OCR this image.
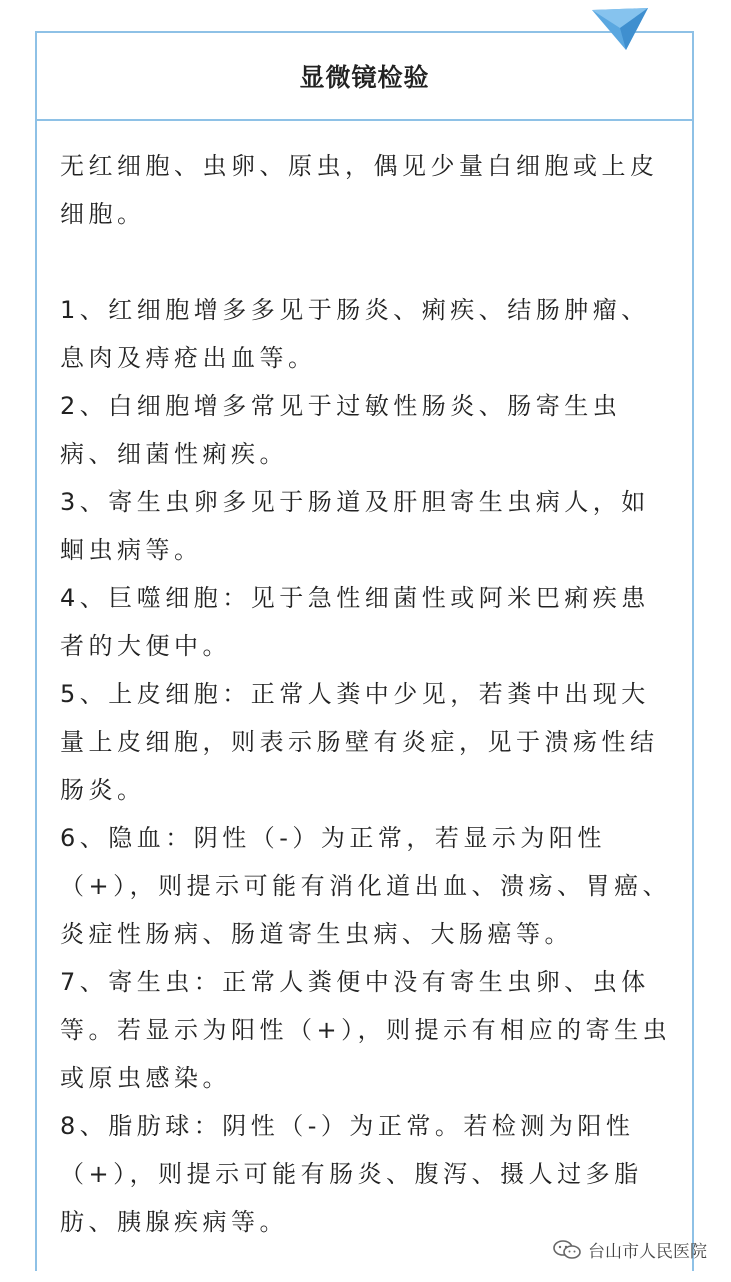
显微镜检验

无红细胞、虫卵、原虫，偶见少量白细胞或上皮细胞。

1、红细胞增多多见于肠炎、痢疾、结肠肿瘤、息肉及痔疮出血等。

2、白细胞增多常见于过敏性肠炎、肠寄生虫病、细菌性痢疾。

3、寄生虫卵多见于肠道及肝胆寄生虫病人，如蛔虫病等。

4、巨噬细胞：见于急性细菌性或阿米巴痢疾患者的大便中。

5、上皮细胞：正常人粪中少见，若粪中出现大量上皮细胞，则表示肠壁有炎症，见于溃疡性结肠炎。

6、隐血：阴性（-）为正常，若显示为阳性（+），则提示可能有消化道出血、溃疡、胃癌、炎症性肠病、肠道寄生虫病、大肠癌等。

7、寄生虫：正常人粪便中没有寄生虫卵、虫体等。若显示为阳性（+），则提示有相应的寄生虫或原虫感染。

8、脂肪球：阴性（-）为正常。若检测为阳性（+），则提示可能有肠炎、腹泻、摄人过多脂肪、胰腺疾病等。

台山市人民医院
